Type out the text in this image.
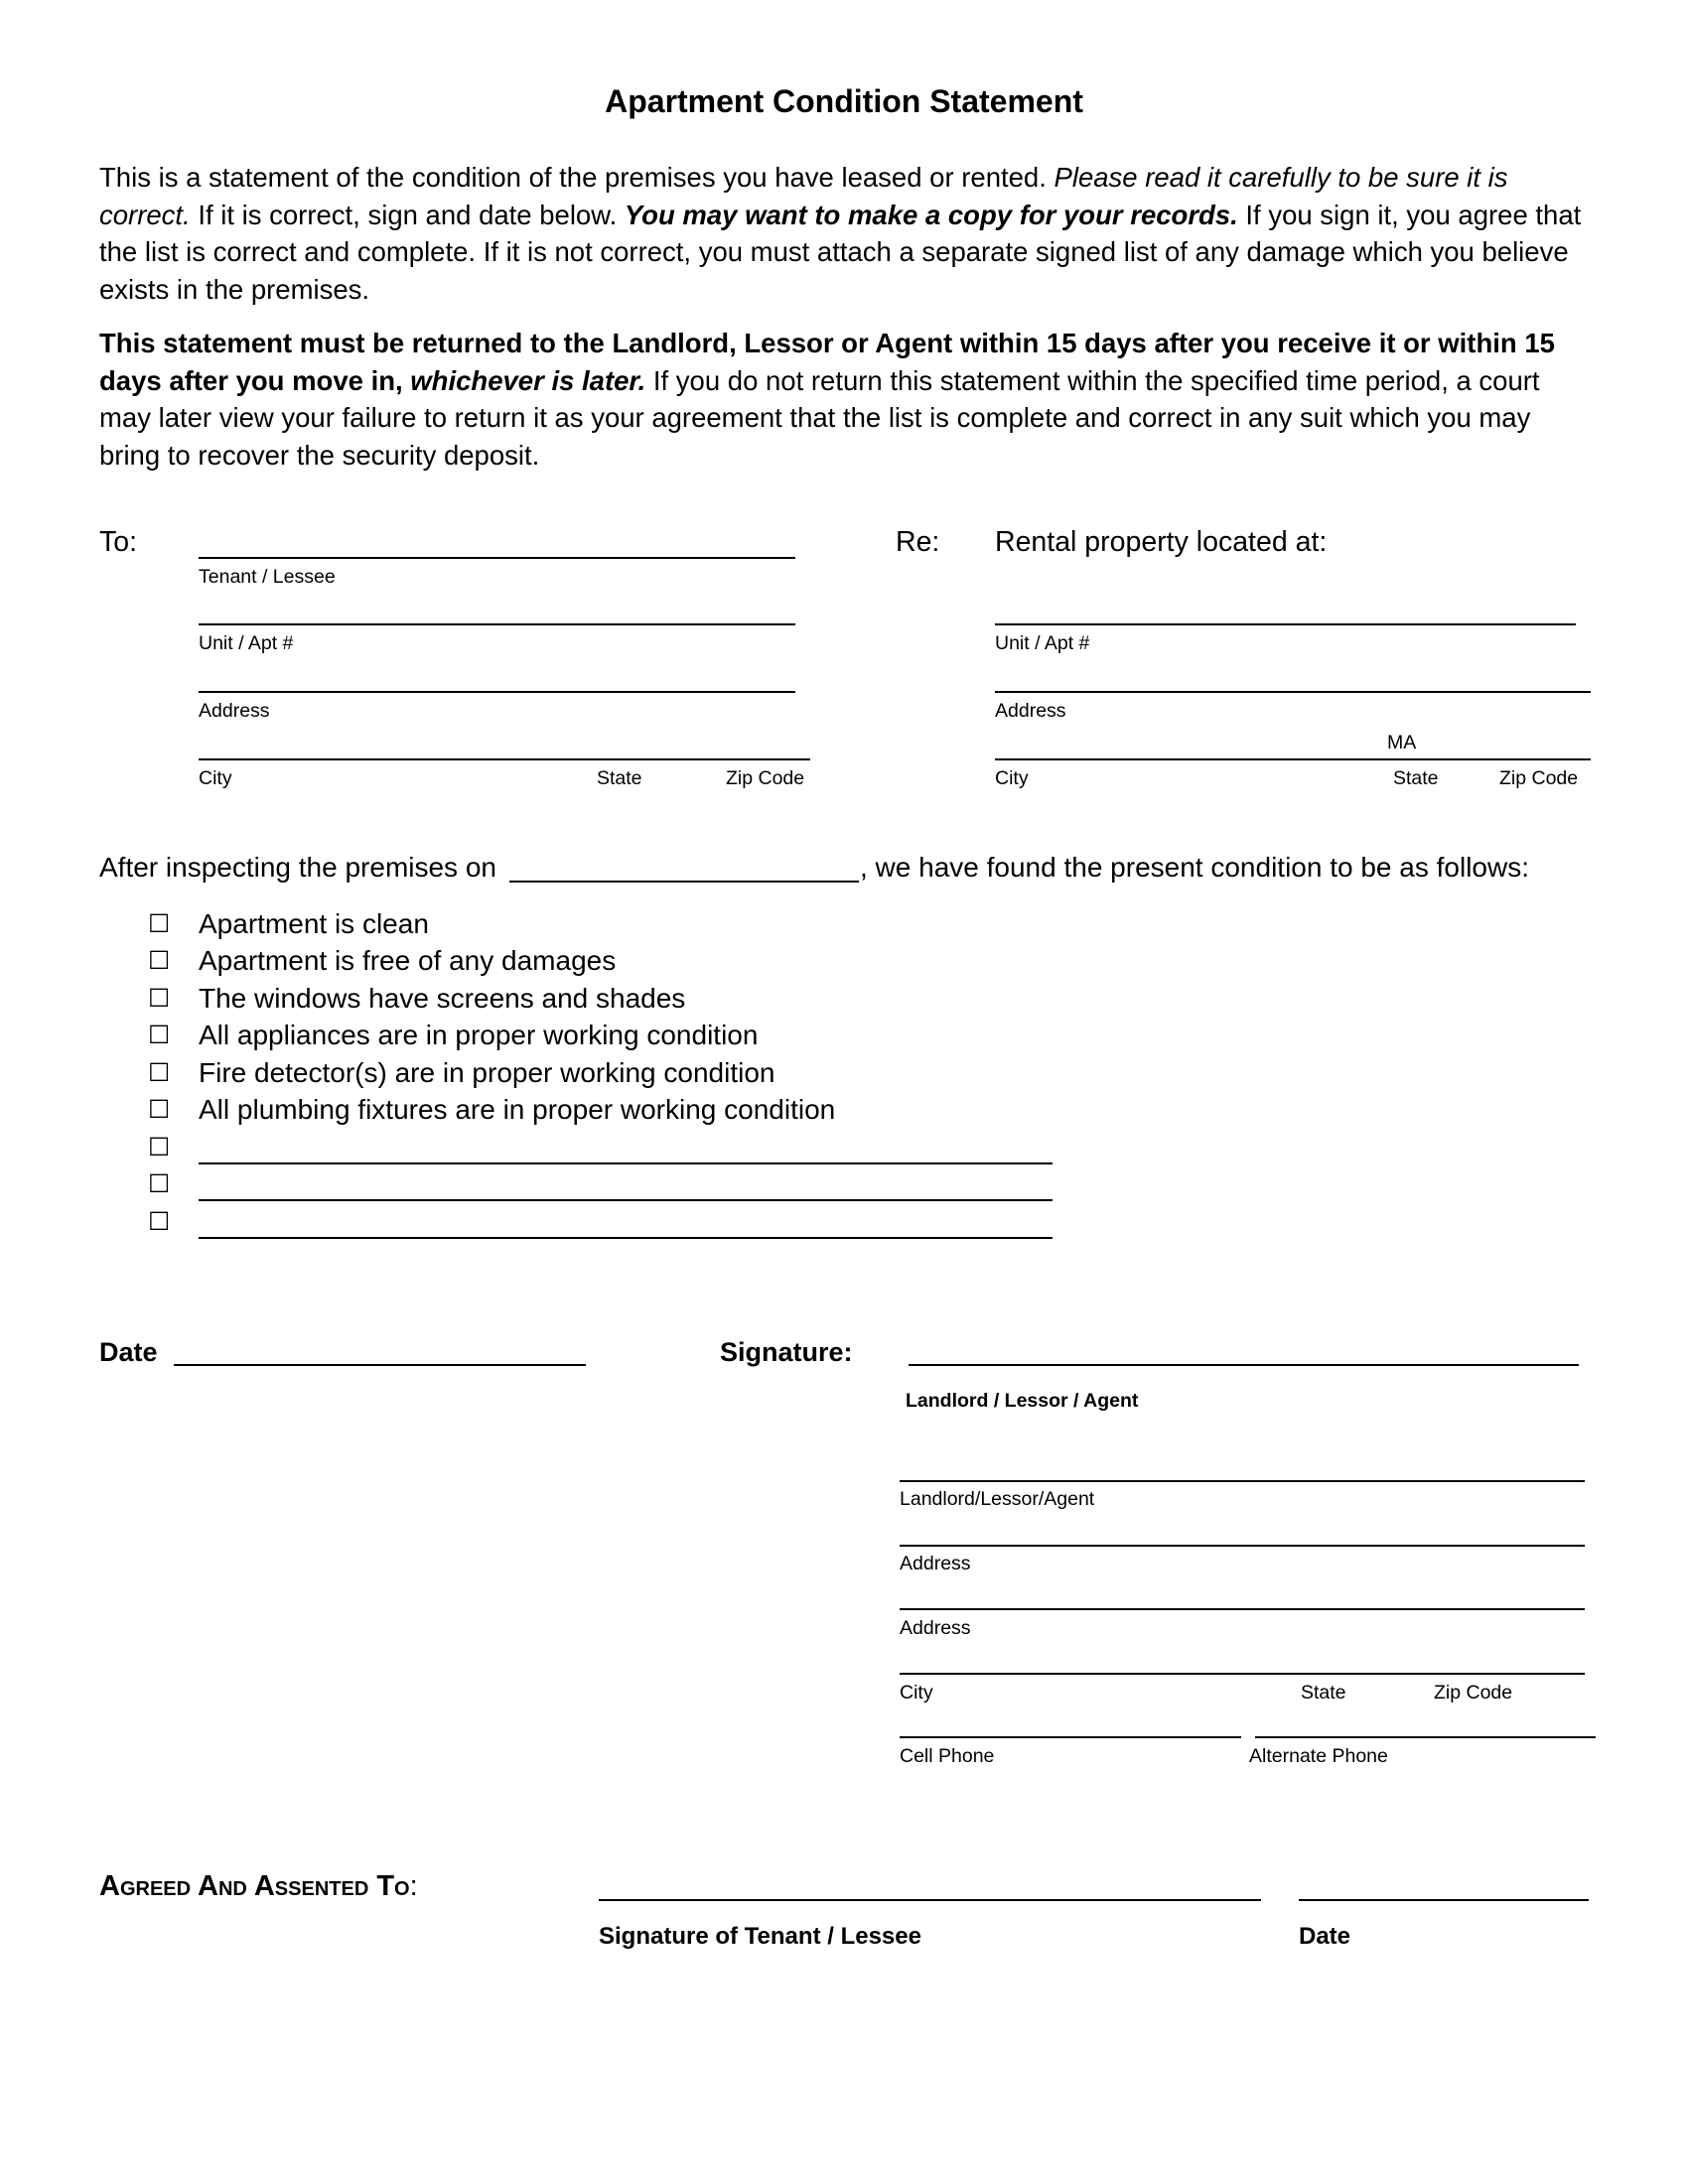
Apartment Condition Statement
This is a statement of the condition of the premises you have leased or rented. Please read it carefully to be sure it is correct. If it is correct, sign and date below. You may want to make a copy for your records. If you sign it, you agree that the list is correct and complete. If it is not correct, you must attach a separate signed list of any damage which you believe exists in the premises.
This statement must be returned to the Landlord, Lessor or Agent within 15 days after you receive it or within 15 days after you move in, whichever is later. If you do not return this statement within the specified time period, a court may later view your failure to return it as your agreement that the list is complete and correct in any suit which you may bring to recover the security deposit.
To:
Tenant / Lessee
Unit / Apt #
Address
City	State	Zip Code
Re: Rental property located at:
Unit / Apt #
Address
MA
City	State	Zip Code
After inspecting the premises on	, we have found the present condition to be as follows:
☐ Apartment is clean
☐ Apartment is free of any damages
☐ The windows have screens and shades
☐ All appliances are in proper working condition
☐ Fire detector(s) are in proper working condition
☐ All plumbing fixtures are in proper working condition
☐
☐
☐
Date	Signature:
Landlord / Lessor / Agent
Landlord/Lessor/Agent
Address
Address
City	State	Zip Code
Cell Phone	Alternate Phone
Agreed And Assented To:
Signature of Tenant / Lessee	Date
